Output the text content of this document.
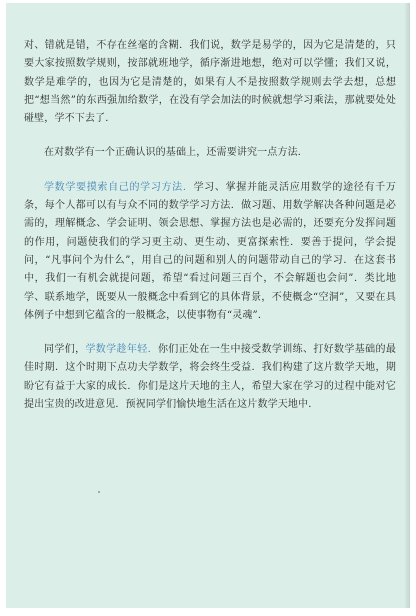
对、错就是错，不存在丝毫的含糊．我们说，数学是易学的，因为它是清楚的，只要大家按照数学规则，按部就班地学，循序渐进地想，绝对可以学懂；我们又说，数学是难学的，也因为它是清楚的，如果有人不是按照数学规则去学去想，总想把“想当然”的东西强加给数学，在没有学会加法的时候就想学习乘法，那就要处处碰壁，学不下去了．

在对数学有一个正确认识的基础上，还需要讲究一点方法．

学数学要摸索自己的学习方法．学习、掌握并能灵活应用数学的途径有千万条，每个人都可以有与众不同的数学学习方法．做习题、用数学解决各种问题是必需的，理解概念、学会证明、领会思想、掌握方法也是必需的，还要充分发挥问题的作用，问题使我们的学习更主动、更生动、更富探索性．要善于提问，学会提问，“凡事问个为什么”，用自己的问题和别人的问题带动自己的学习．在这套书中，我们一有机会就提问题，希望“看过问题三百个，不会解题也会问”．类比地学、联系地学，既要从一般概念中看到它的具体背景，不使概念“空洞”，又要在具体例子中想到它蕴含的一般概念，以使事物有“灵魂”．

同学们，学数学趁年轻．你们正处在一生中接受数学训练、打好数学基础的最佳时期．这个时期下点功夫学数学，将会终生受益．我们构建了这片数学天地，期盼它有益于大家的成长．你们是这片天地的主人，希望大家在学习的过程中能对它提出宝贵的改进意见．预祝同学们愉快地生活在这片数学天地中．
